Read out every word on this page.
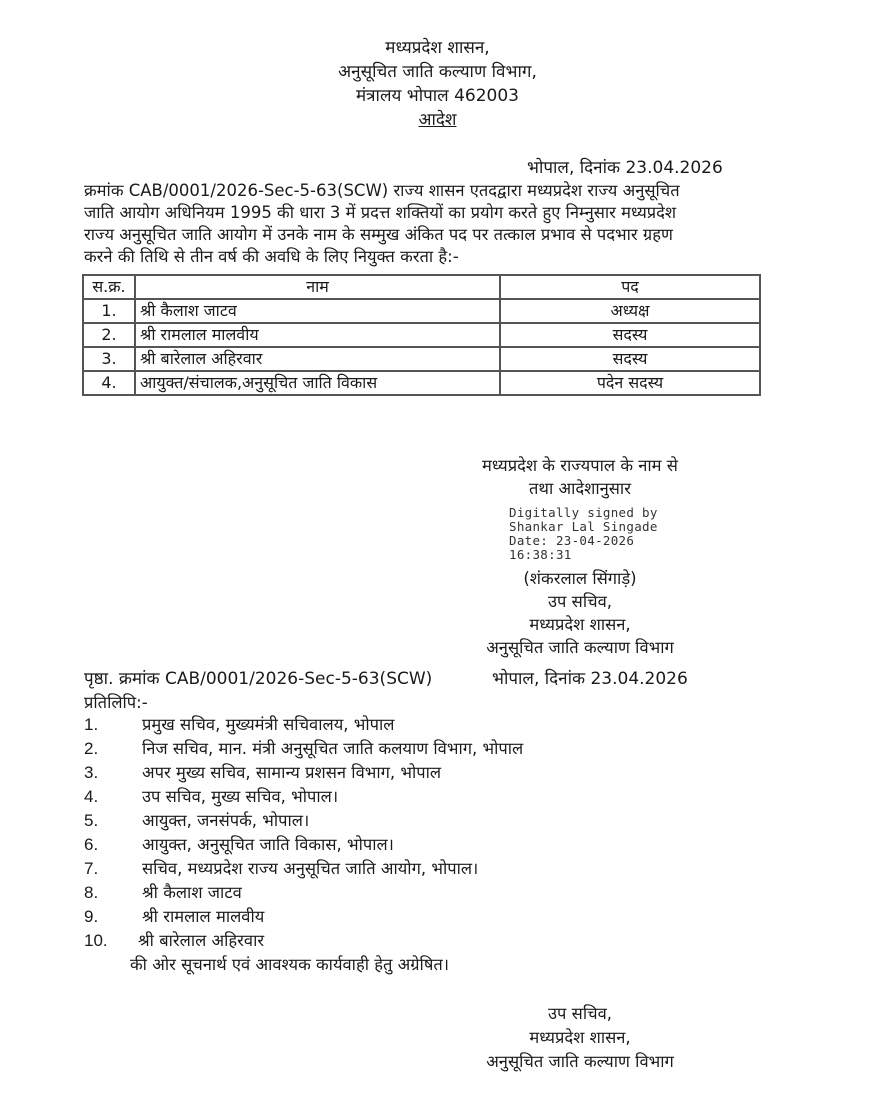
मध्यप्रदेश शासन,
अनुसूचित जाति कल्याण विभाग,
मंत्रालय भोपाल 462003
आदेश
भोपाल, दिनांक 23.04.2026
क्रमांक CAB/0001/2026-Sec-5-63(SCW) राज्य शासन एतदद्वारा मध्यप्रदेश राज्य अनुसूचित
जाति आयोग अधिनियम 1995 की धारा 3 में प्रदत्त शक्तियों का प्रयोग करते हुए निम्नुसार मध्यप्रदेश
राज्य अनुसूचित जाति आयोग में उनके नाम के सम्मुख अंकित पद पर तत्काल प्रभाव से पदभार ग्रहण
करने की तिथि से तीन वर्ष की अवधि के लिए नियुक्त करता है:-
स.क्र.	नाम	पद
1.	श्री कैलाश जाटव	अध्यक्ष
2.	श्री रामलाल मालवीय	सदस्य
3.	श्री बारेलाल अहिरवार	सदस्य
4.	आयुक्त/संचालक,अनुसूचित जाति विकास	पदेन सदस्य
मध्यप्रदेश के राज्यपाल के नाम से
तथा आदेशानुसार
Digitally signed by
Shankar Lal Singade
Date: 23-04-2026
16:38:31
(शंकरलाल सिंगाड़े)
उप सचिव,
मध्यप्रदेश शासन,
अनुसूचित जाति कल्याण विभाग
पृष्ठा. क्रमांक CAB/0001/2026-Sec-5-63(SCW)	भोपाल, दिनांक 23.04.2026
प्रतिलिपि:-
1.	प्रमुख सचिव, मुख्यमंत्री सचिवालय, भोपाल
2.	निज सचिव, मान. मंत्री अनुसूचित जाति कलयाण विभाग, भोपाल
3.	अपर मुख्य सचिव, सामान्य प्रशसन विभाग, भोपाल
4.	उप सचिव, मुख्य सचिव, भोपाल।
5.	आयुक्त, जनसंपर्क, भोपाल।
6.	आयुक्त, अनुसूचित जाति विकास, भोपाल।
7.	सचिव, मध्यप्रदेश राज्य अनुसूचित जाति आयोग, भोपाल।
8.	श्री कैलाश जाटव
9.	श्री रामलाल मालवीय
10. श्री बारेलाल अहिरवार
की ओर सूचनार्थ एवं आवश्यक कार्यवाही हेतु अग्रेषित।
उप सचिव,
मध्यप्रदेश शासन,
अनुसूचित जाति कल्याण विभाग
